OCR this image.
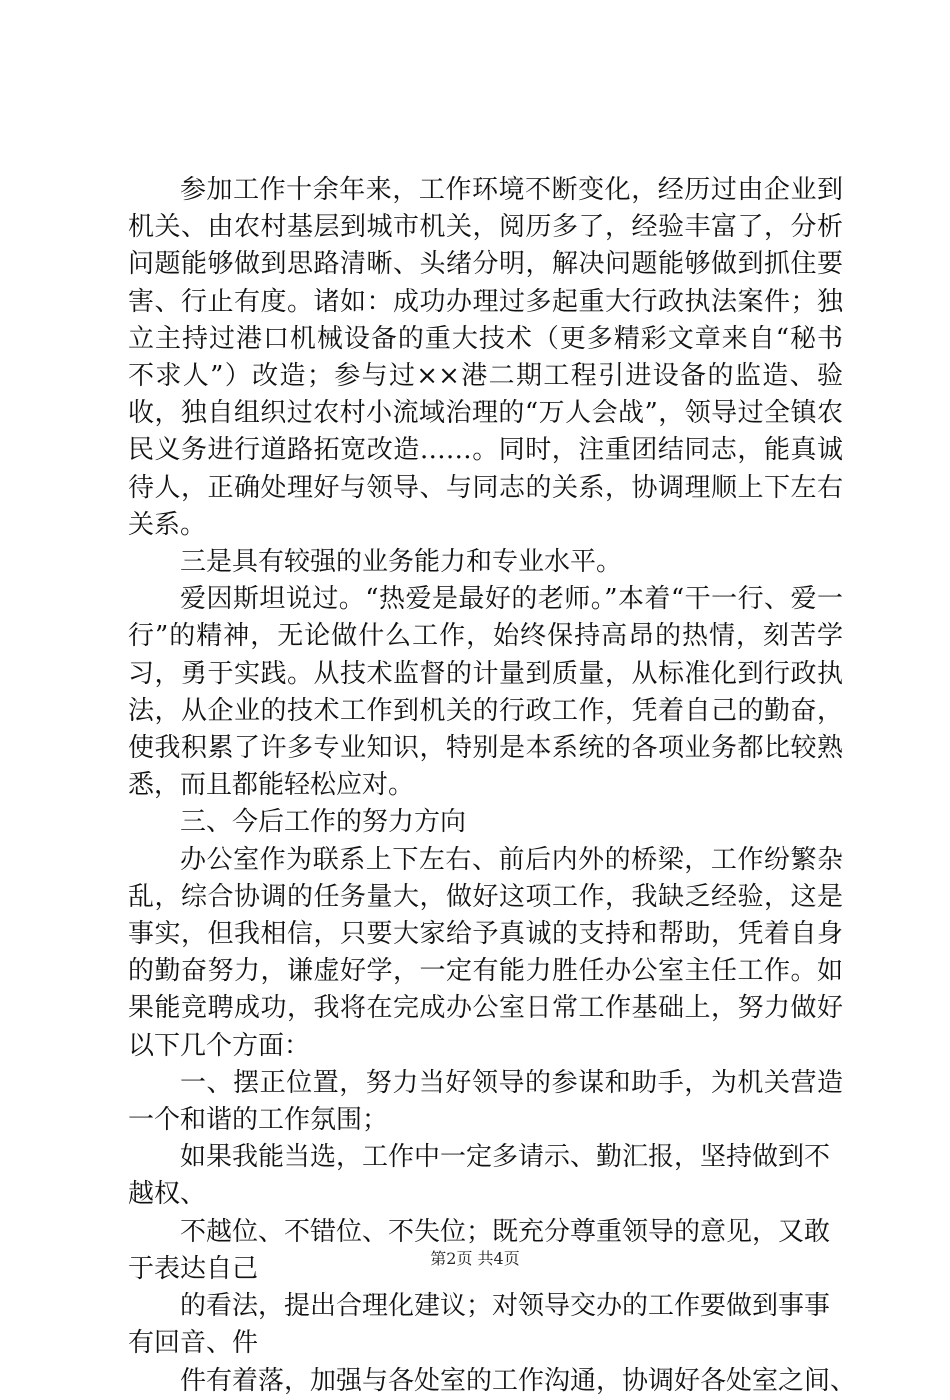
参加工作十余年来，工作环境不断变化，经历过由企业到机关、由农村基层到城市机关，阅历多了，经验丰富了，分析问题能够做到思路清晰、头绪分明，解决问题能够做到抓住要害、行止有度。诸如：成功办理过多起重大行政执法案件；独立主持过港口机械设备的重大技术（更多精彩文章来自“秘书不求人”）改造；参与过××港二期工程引进设备的监造、验收，独自组织过农村小流域治理的“万人会战”，领导过全镇农民义务进行道路拓宽改造……。同时，注重团结同志，能真诚待人，正确处理好与领导、与同志的关系，协调理顺上下左右关系。

三是具有较强的业务能力和专业水平。

爱因斯坦说过。“热爱是最好的老师。”本着“干一行、爱一行”的精神，无论做什么工作，始终保持高昂的热情，刻苦学习，勇于实践。从技术监督的计量到质量，从标准化到行政执法，从企业的技术工作到机关的行政工作，凭着自己的勤奋，使我积累了许多专业知识，特别是本系统的各项业务都比较熟悉，而且都能轻松应对。

三、今后工作的努力方向

办公室作为联系上下左右、前后内外的桥梁，工作纷繁杂乱，综合协调的任务量大，做好这项工作，我缺乏经验，这是事实，但我相信，只要大家给予真诚的支持和帮助，凭着自身的勤奋努力，谦虚好学，一定有能力胜任办公室主任工作。如果能竞聘成功，我将在完成办公室日常工作基础上，努力做好以下几个方面：

一、摆正位置，努力当好领导的参谋和助手，为机关营造一个和谐的工作氛围；

如果我能当选，工作中一定多请示、勤汇报，坚持做到不越权、

不越位、不错位、不失位；既充分尊重领导的意见，又敢于表达自己

的看法，提出合理化建议；对领导交办的工作要做到事事有回音、件

件有着落，加强与各处室的工作沟通，协调好各处室之间、

第2页 共4页
